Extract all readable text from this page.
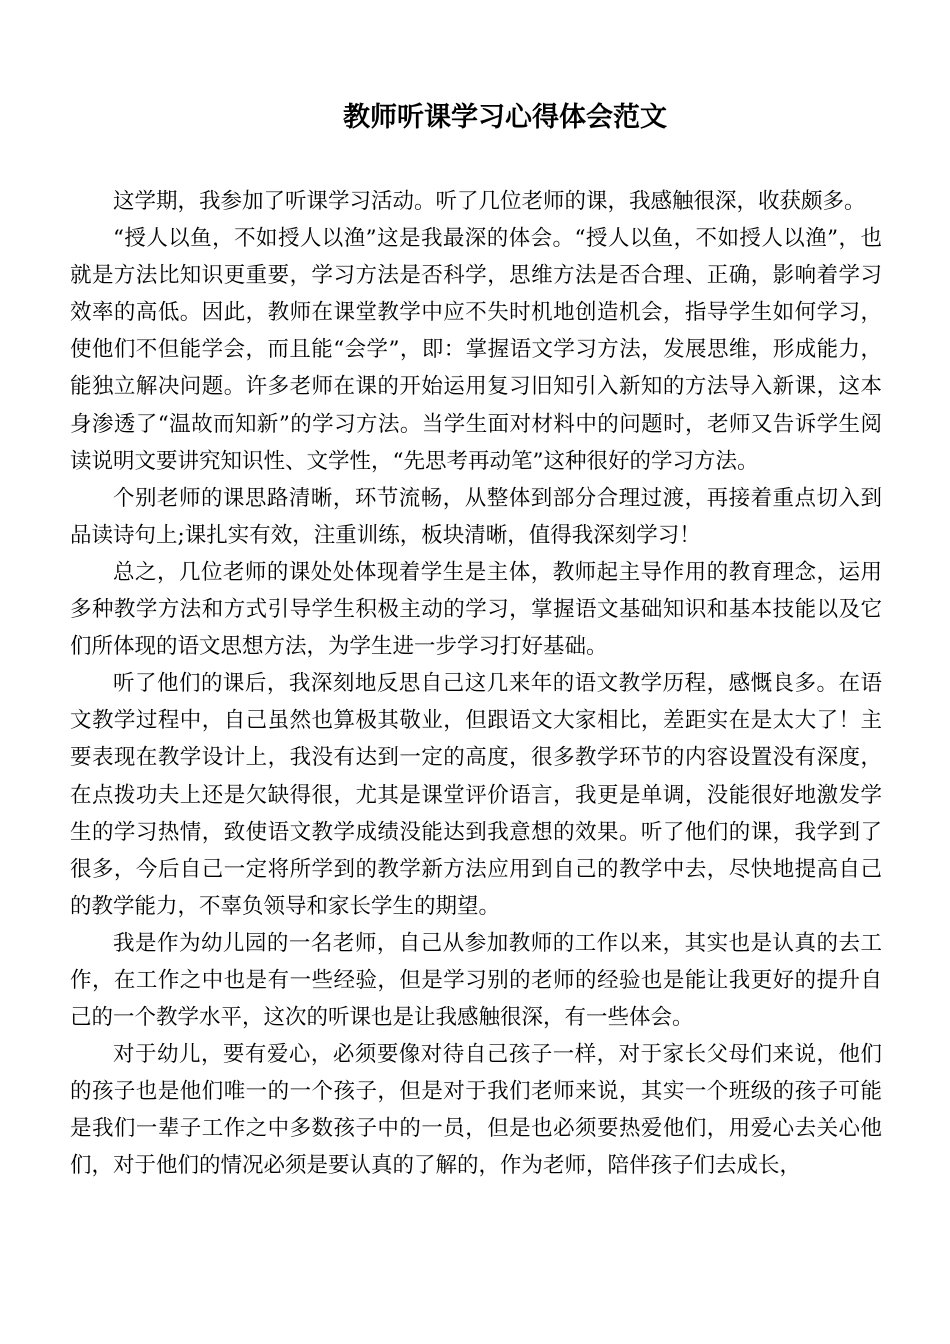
教师听课学习心得体会范文

这学期，我参加了听课学习活动。听了几位老师的课，我感触很深，收获颇多。

“授人以鱼，不如授人以渔”这是我最深的体会。“授人以鱼，不如授人以渔”，也就是方法比知识更重要，学习方法是否科学，思维方法是否合理、正确，影响着学习效率的高低。因此，教师在课堂教学中应不失时机地创造机会，指导学生如何学习，使他们不但能学会，而且能“会学”，即：掌握语文学习方法，发展思维，形成能力，能独立解决问题。许多老师在课的开始运用复习旧知引入新知的方法导入新课，这本身渗透了“温故而知新”的学习方法。当学生面对材料中的问题时，老师又告诉学生阅读说明文要讲究知识性、文学性，“先思考再动笔”这种很好的学习方法。

个别老师的课思路清晰，环节流畅，从整体到部分合理过渡，再接着重点切入到品读诗句上;课扎实有效，注重训练，板块清晰，值得我深刻学习！

总之，几位老师的课处处体现着学生是主体，教师起主导作用的教育理念，运用多种教学方法和方式引导学生积极主动的学习，掌握语文基础知识和基本技能以及它们所体现的语文思想方法，为学生进一步学习打好基础。

听了他们的课后，我深刻地反思自己这几来年的语文教学历程，感慨良多。在语文教学过程中，自己虽然也算极其敬业，但跟语文大家相比，差距实在是太大了！主要表现在教学设计上，我没有达到一定的高度，很多教学环节的内容设置没有深度，在点拨功夫上还是欠缺得很，尤其是课堂评价语言，我更是单调，没能很好地激发学生的学习热情，致使语文教学成绩没能达到我意想的效果。听了他们的课，我学到了很多，今后自己一定将所学到的教学新方法应用到自己的教学中去，尽快地提高自己的教学能力，不辜负领导和家长学生的期望。

我是作为幼儿园的一名老师，自己从参加教师的工作以来，其实也是认真的去工作，在工作之中也是有一些经验，但是学习别的老师的经验也是能让我更好的提升自己的一个教学水平，这次的听课也是让我感触很深，有一些体会。

对于幼儿，要有爱心，必须要像对待自己孩子一样，对于家长父母们来说，他们的孩子也是他们唯一的一个孩子，但是对于我们老师来说，其实一个班级的孩子可能是我们一辈子工作之中多数孩子中的一员，但是也必须要热爱他们，用爱心去关心他们，对于他们的情况必须是要认真的了解的，作为老师，陪伴孩子们去成长，
